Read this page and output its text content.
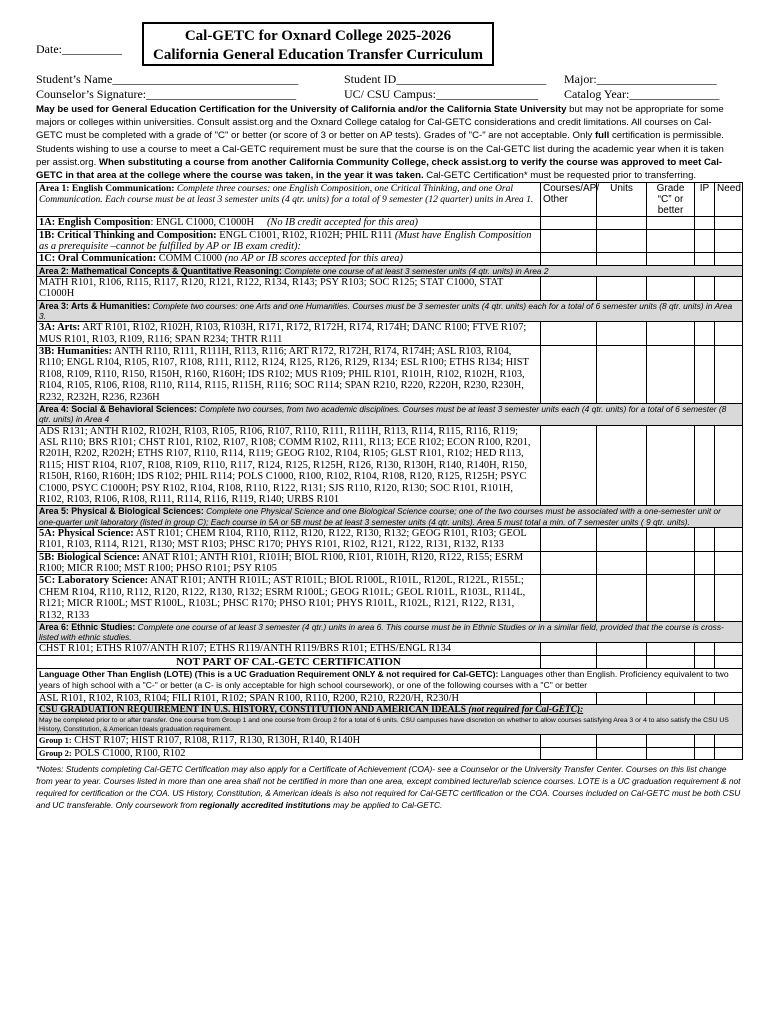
Date:__________
Cal-GETC for Oxnard College 2025-2026
California General Education Transfer Curriculum
Student’s Name_______________________________	Student ID_________________________	Major:____________________
Counselor’s Signature:_________________________	UC/ CSU Campus:_________________	Catalog Year:_______________
May be used for General Education Certification for the University of California and/or the California State University but may not be appropriate for some majors or colleges within universities. Consult assist.org and the Oxnard College catalog for Cal-GETC considerations and credit limitations. All courses on Cal-GETC must be completed with a grade of "C" or better (or score of 3 or better on AP tests). Grades of "C-" are not acceptable. Only full certification is permissible. Students wishing to use a course to meet a Cal-GETC requirement must be sure that the course is on the Cal-GETC list during the academic year when it is taken per assist.org. When substituting a course from another California Community College, check assist.org to verify the course was approved to meet Cal-GETC in that area at the college where the course was taken, in the year it was taken. Cal-GETC Certification* must be requested prior to transferring.
Area 1: English Communication: Complete three courses: one English Composition, one Critical Thinking, and one Oral Communication. Each course must be at least 3 semester units (4 qtr. units) for a total of 9 semester (12 quarter) units in Area 1.	Courses/AP/ Other	Units	Grade “C” or better	IP	Need
1A: English Composition: ENGL C1000, C1000H (No IB credit accepted for this area)					
1B: Critical Thinking and Composition: ENGL C1001, R102, R102H; PHIL R111 (Must have English Composition as a prerequisite –cannot be fulfilled by AP or IB exam credit):					
1C: Oral Communication: COMM C1000 (no AP or IB scores accepted for this area)					
Area 2: Mathematical Concepts & Quantitative Reasoning: Complete one course of at least 3 semester units (4 qtr. units) in Area 2					
MATH R101, R106, R115, R117, R120, R121, R122, R134, R143; PSY R103; SOC R125; STAT C1000, STAT C1000H					
Area 3: Arts & Humanities: Complete two courses: one Arts and one Humanities. Courses must be 3 semester units (4 qtr. units) each for a total of 6 semester units (8 qtr. units) in Area 3.					
3A: Arts: ART R101, R102, R102H, R103, R103H, R171, R172, R172H, R174, R174H; DANC R100; FTVE R107; MUS R101, R103, R109, R116; SPAN R234; THTR R111					
3B: Humanities: ANTH R110, R111, R111H, R113, R116; ART R172, R172H, R174, R174H; ASL R103, R104, R110; ENGL R104, R105, R107, R108, R111, R112, R124, R125, R126, R129, R134; ESL R100; ETHS R134; HIST R108, R109, R110, R150, R150H, R160, R160H; IDS R102; MUS R109; PHIL R101, R101H, R102, R102H, R103, R104, R105, R106, R108, R110, R114, R115, R115H, R116; SOC R114; SPAN R210, R220, R220H, R230, R230H, R232, R232H, R236, R236H					
Area 4: Social & Behavioral Sciences: Complete two courses, from two academic disciplines. Courses must be at least 3 semester units each (4 qtr. units) for a total of 6 semester (8 qtr. units) in Area 4					
ADS R131; ANTH R102, R102H, R103, R105, R106, R107, R110, R111, R111H, R113, R114, R115, R116, R119; ASL R110; BRS R101; CHST R101, R102, R107, R108; COMM R102, R111, R113; ECE R102; ECON R100, R201, R201H, R202, R202H; ETHS R107, R110, R114, R119; GEOG R102, R104, R105; GLST R101, R102; HED R113, R115; HIST R104, R107, R108, R109, R110, R117, R124, R125, R125H, R126, R130, R130H, R140, R140H, R150, R150H, R160, R160H; IDS R102; PHIL R114; POLS C1000, R100, R102, R104, R108, R120, R125, R125H; PSYC C1000, PSYC C1000H; PSY R102, R104, R108, R110, R122, R131; SJS R110, R120, R130; SOC R101, R101H, R102, R103, R106, R108, R111, R114, R116, R119, R140; URBS R101					
Area 5: Physical & Biological Sciences: Complete one Physical Science and one Biological Science course; one of the two courses must be associated with a one-semester unit or one-quarter unit laboratory (listed in group C); Each course in 5A or 5B must be at least 3 semester units (4 qtr. units). Area 5 must total a min. of 7 semester units ( 9 qtr. units).					
5A: Physical Science: AST R101; CHEM R104, R110, R112, R120, R122, R130, R132; GEOG R101, R103; GEOL R101, R103, R114, R121, R130; MST R103; PHSC R170; PHYS R101, R102, R121, R122, R131, R132, R133					
5B: Biological Science: ANAT R101; ANTH R101, R101H; BIOL R100, R101, R101H, R120, R122, R155; ESRM R100; MICR R100; MST R100; PHSO R101; PSY R105					
5C: Laboratory Science: ANAT R101; ANTH R101L; AST R101L; BIOL R100L, R101L, R120L, R122L, R155L; CHEM R104, R110, R112, R120, R122, R130, R132; ESRM R100L; GEOG R101L; GEOL R101L, R103L, R114L, R121; MICR R100L; MST R100L, R103L; PHSC R170; PHSO R101; PHYS R101L, R102L, R121, R122, R131, R132, R133					
Area 6: Ethnic Studies: Complete one course of at least 3 semester (4 qtr.) units in area 6. This course must be in Ethnic Studies or in a similar field, provided that the course is cross-listed with ethnic studies.					
CHST R101; ETHS R107/ANTH R107; ETHS R119/ANTH R119/BRS R101; ETHS/ENGL R134					
NOT PART OF CAL-GETC CERTIFICATION					
Language Other Than English (LOTE) (This is a UC Graduation Requirement ONLY & not required for Cal-GETC): Languages other than English. Proficiency equivalent to two years of high school with a "C-" or better (a C- is only acceptable for high school coursework), or one of the following courses with a "C" or better					
ASL R101, R102, R103, R104; FILI R101, R102; SPAN R100, R110, R200, R210, R220/H, R230/H					
CSU GRADUATION REQUIREMENT IN U.S. HISTORY, CONSTITUTION AND AMERICAN IDEALS (not required for Cal-GETC):
May be completed prior to or after transfer. One course from Group 1 and one course from Group 2 for a total of 6 units. CSU campuses have discretion on whether to allow courses satisfying Area 3 or 4 to also satisfy the CSU US History, Constitution, & American Ideals graduation requirement.					

Group 1: CHST R107; HIST R107, R108, R117, R130, R130H, R140, R140H					
Group 2: POLS C1000, R100, R102					
*Notes: Students completing Cal-GETC Certification may also apply for a Certificate of Achievement (COA)- see a Counselor or the University Transfer Center. Courses on this list change from year to year. Courses listed in more than one area shall not be certified in more than one area, except combined lecture/lab science courses. LOTE is a UC graduation requirement & not required for certification or the COA. US History, Constitution, & American ideals is also not required for Cal-GETC certification or the COA. Courses included on Cal-GETC must be both CSU and UC transferable. Only coursework from regionally accredited institutions may be applied to Cal-GETC.
